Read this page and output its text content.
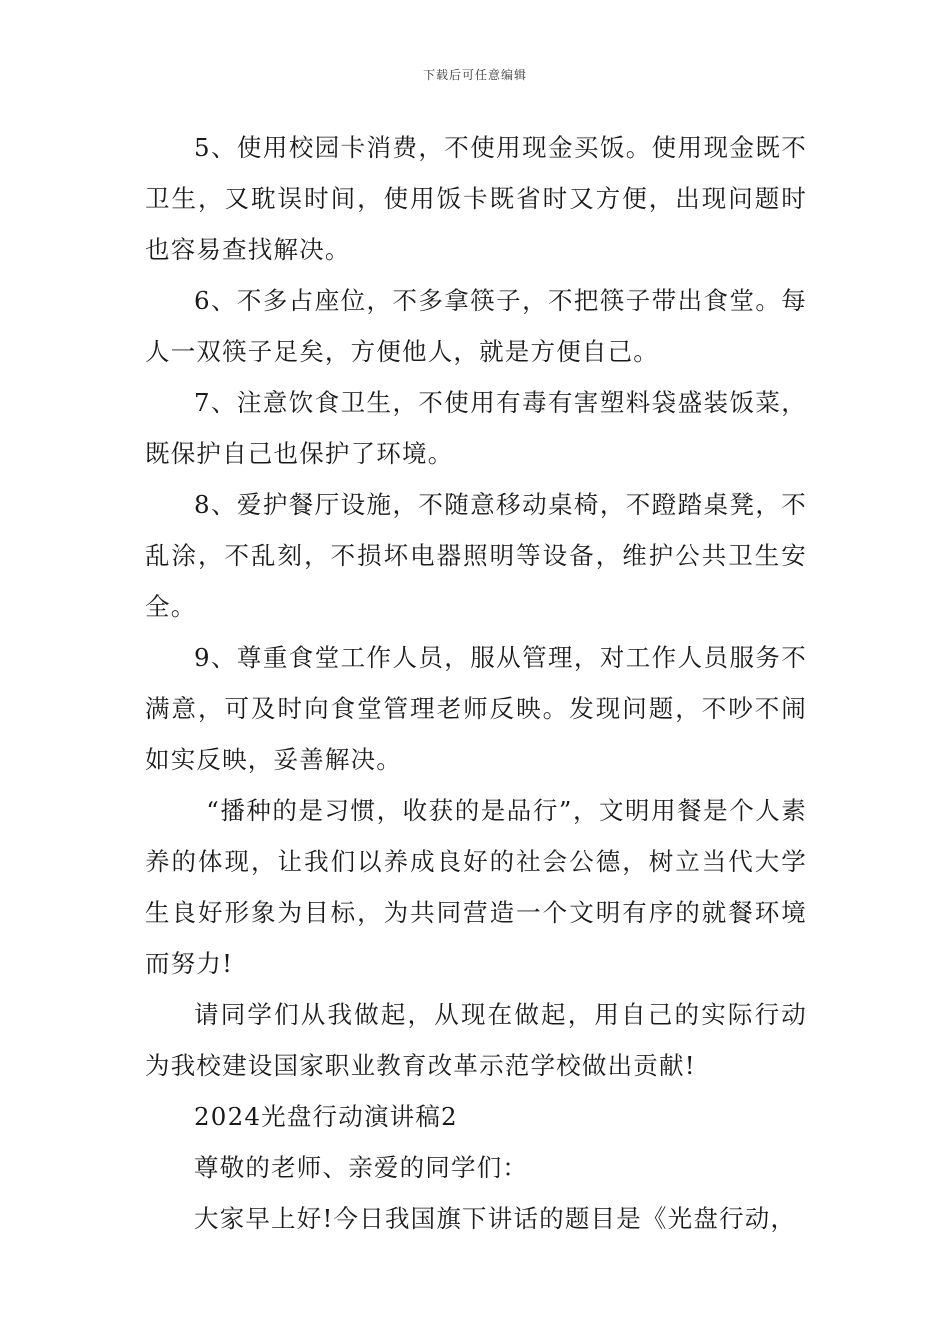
下载后可任意编辑

5、使用校园卡消费，不使用现金买饭。使用现金既不卫生，又耽误时间，使用饭卡既省时又方便，出现问题时也容易查找解决。

6、不多占座位，不多拿筷子，不把筷子带出食堂。每人一双筷子足矣，方便他人，就是方便自己。

7、注意饮食卫生，不使用有毒有害塑料袋盛装饭菜，既保护自己也保护了环境。

8、爱护餐厅设施，不随意移动桌椅，不蹬踏桌凳，不乱涂，不乱刻，不损坏电器照明等设备，维护公共卫生安全。

9、尊重食堂工作人员，服从管理，对工作人员服务不满意，可及时向食堂管理老师反映。发现问题，不吵不闹如实反映，妥善解决。

“播种的是习惯，收获的是品行”，文明用餐是个人素养的体现，让我们以养成良好的社会公德，树立当代大学生良好形象为目标，为共同营造一个文明有序的就餐环境而努力!

请同学们从我做起，从现在做起，用自己的实际行动为我校建设国家职业教育改革示范学校做出贡献!

2024光盘行动演讲稿2

尊敬的老师、亲爱的同学们：

大家早上好!今日我国旗下讲话的题目是《光盘行动，
